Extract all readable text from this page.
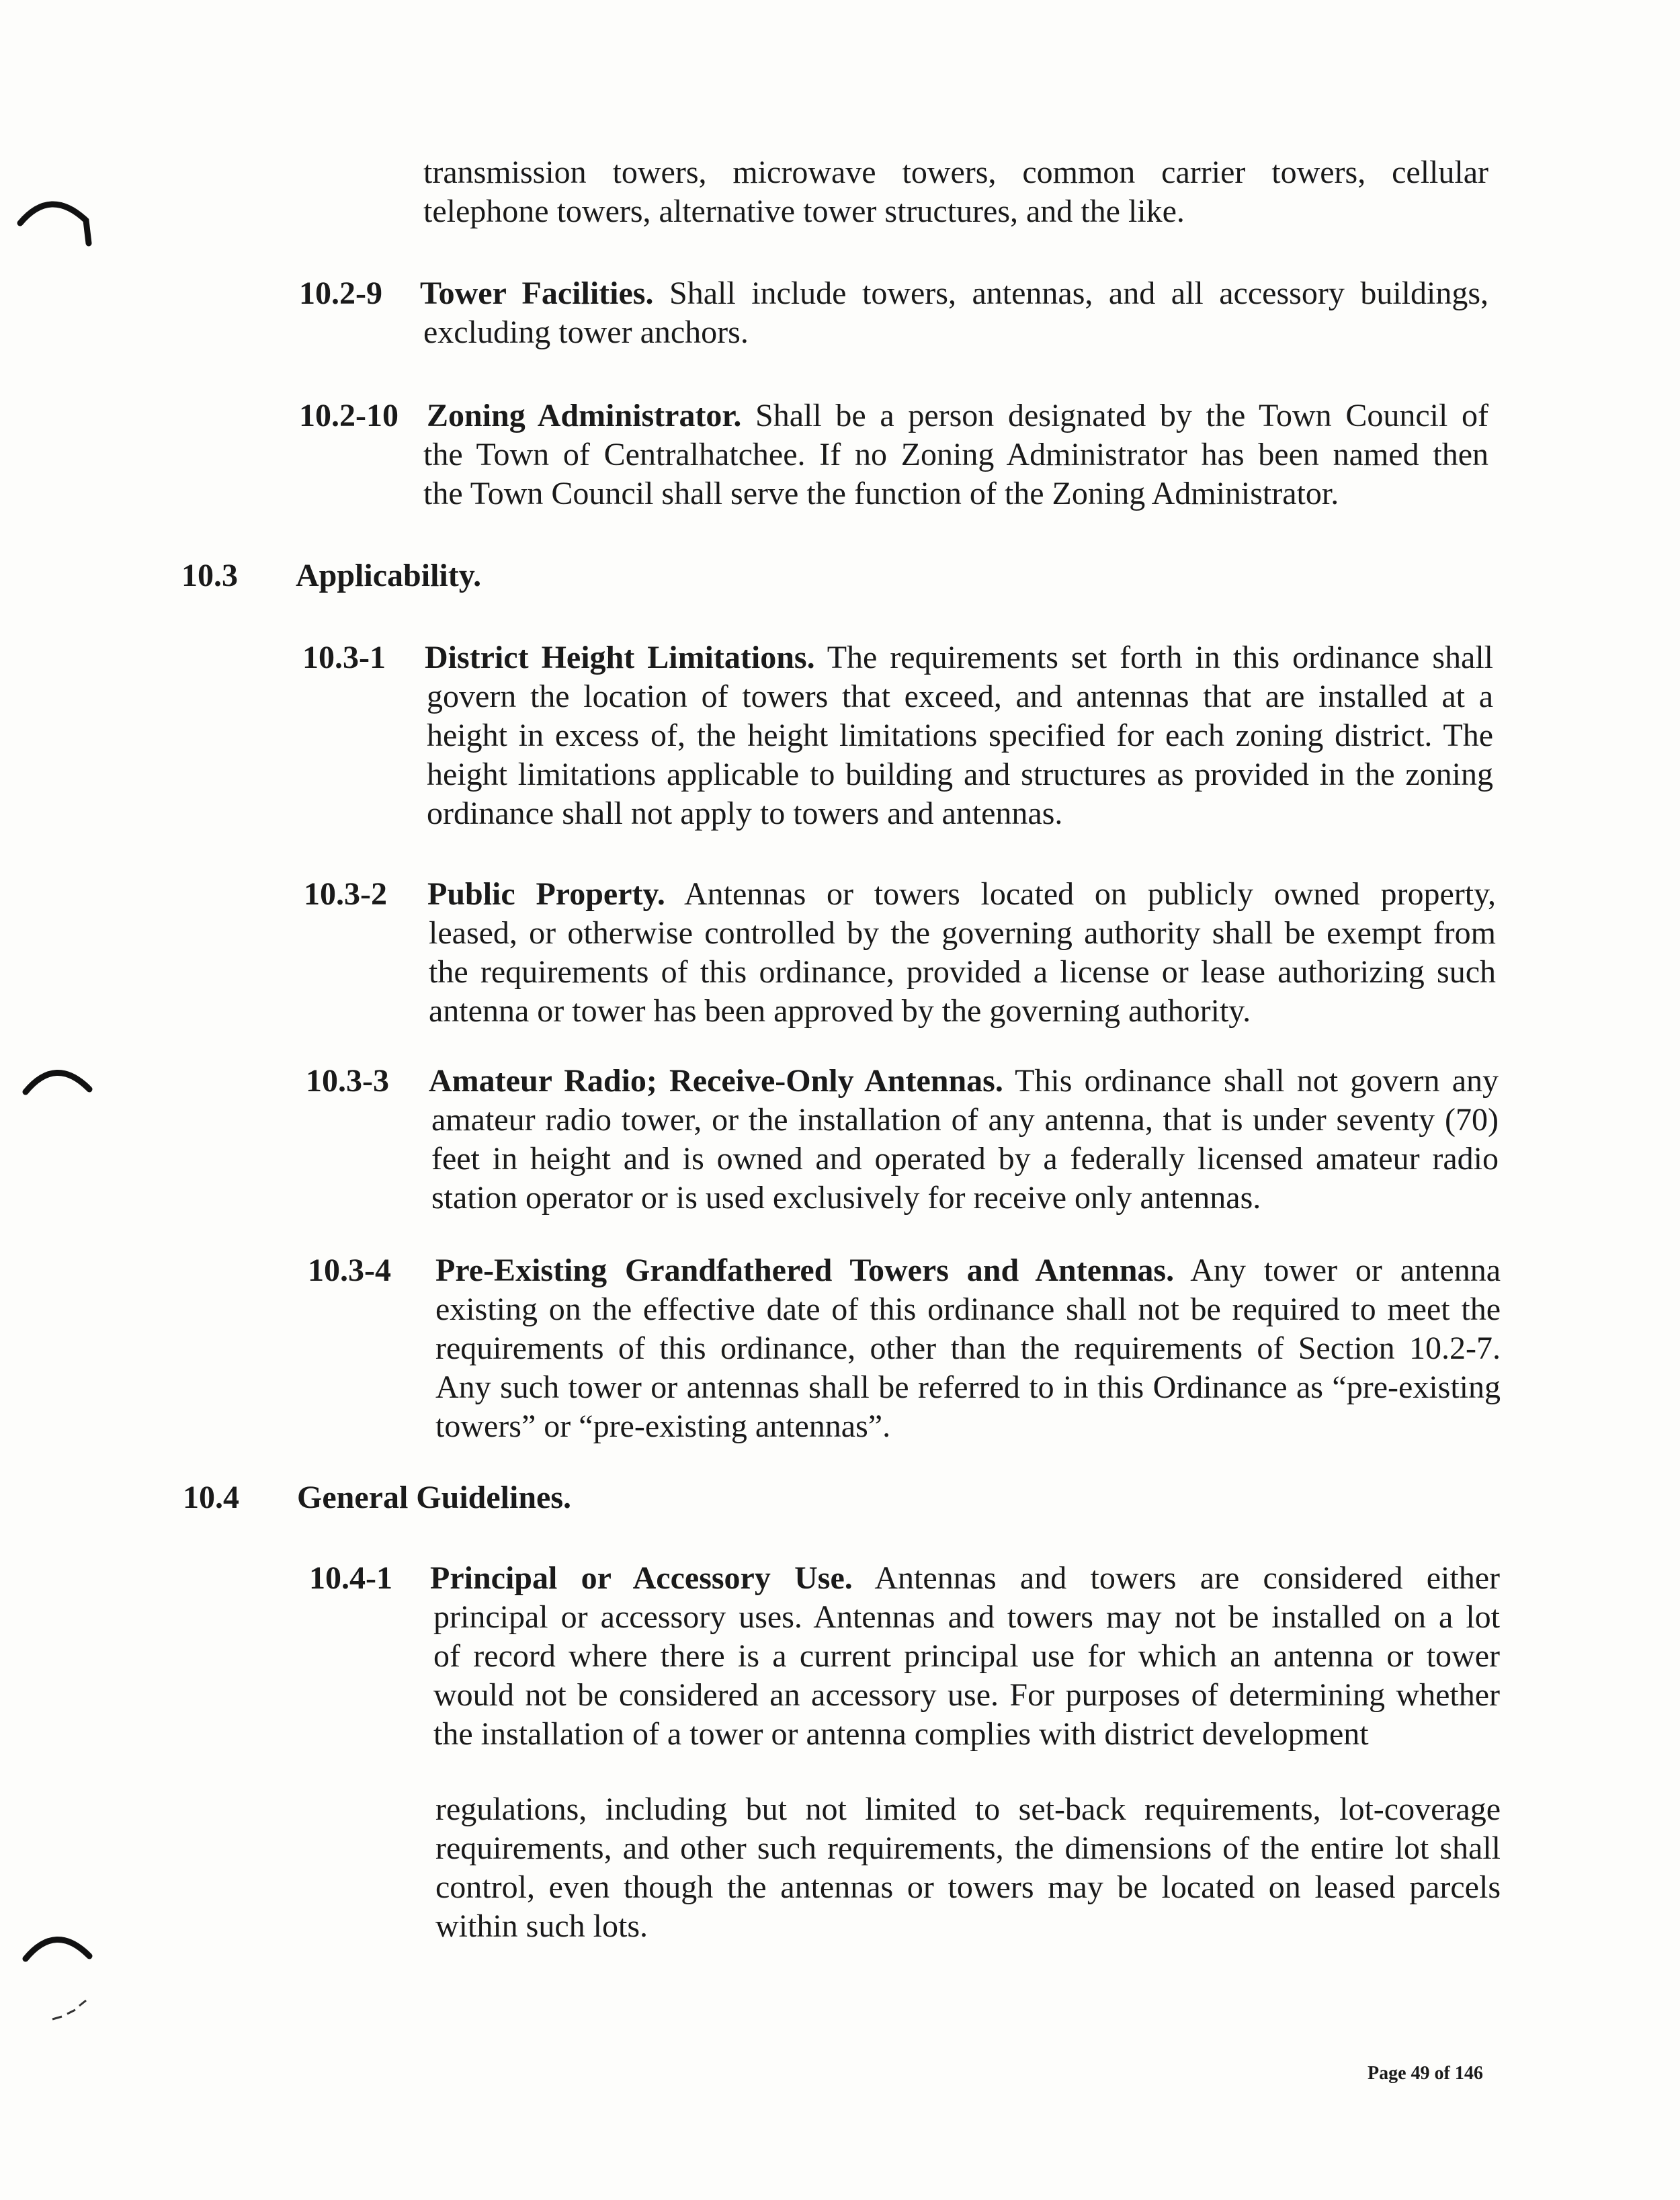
transmission towers, microwave towers, common carrier towers, cellular

telephone towers, alternative tower structures, and the like.

10.2-9 Tower Facilities. Shall include towers, antennas, and all accessory buildings,

excluding tower anchors.

10.2-10 Zoning Administrator. Shall be a person designated by the Town Council of

the Town of Centralhatchee. If no Zoning Administrator has been named then

the Town Council shall serve the function of the Zoning Administrator.

10.3 Applicability.

10.3-1 District Height Limitations. The requirements set forth in this ordinance shall

govern the location of towers that exceed, and antennas that are installed at a

height in excess of, the height limitations specified for each zoning district. The

height limitations applicable to building and structures as provided in the zoning

ordinance shall not apply to towers and antennas.

10.3-2 Public Property. Antennas or towers located on publicly owned property,

leased, or otherwise controlled by the governing authority shall be exempt from

the requirements of this ordinance, provided a license or lease authorizing such

antenna or tower has been approved by the governing authority.

10.3-3 Amateur Radio; Receive-Only Antennas. This ordinance shall not govern any

amateur radio tower, or the installation of any antenna, that is under seventy (70)

feet in height and is owned and operated by a federally licensed amateur radio

station operator or is used exclusively for receive only antennas.

10.3-4 Pre-Existing Grandfathered Towers and Antennas. Any tower or antenna

existing on the effective date of this ordinance shall not be required to meet the

requirements of this ordinance, other than the requirements of Section 10.2-7.

Any such tower or antennas shall be referred to in this Ordinance as “pre-existing

towers” or “pre-existing antennas”.

10.4 General Guidelines.

10.4-1 Principal or Accessory Use. Antennas and towers are considered either

principal or accessory uses. Antennas and towers may not be installed on a lot

of record where there is a current principal use for which an antenna or tower

would not be considered an accessory use. For purposes of determining whether

the installation of a tower or antenna complies with district development

regulations, including but not limited to set-back requirements, lot-coverage

requirements, and other such requirements, the dimensions of the entire lot shall

control, even though the antennas or towers may be located on leased parcels

within such lots.

Page 49 of 146
